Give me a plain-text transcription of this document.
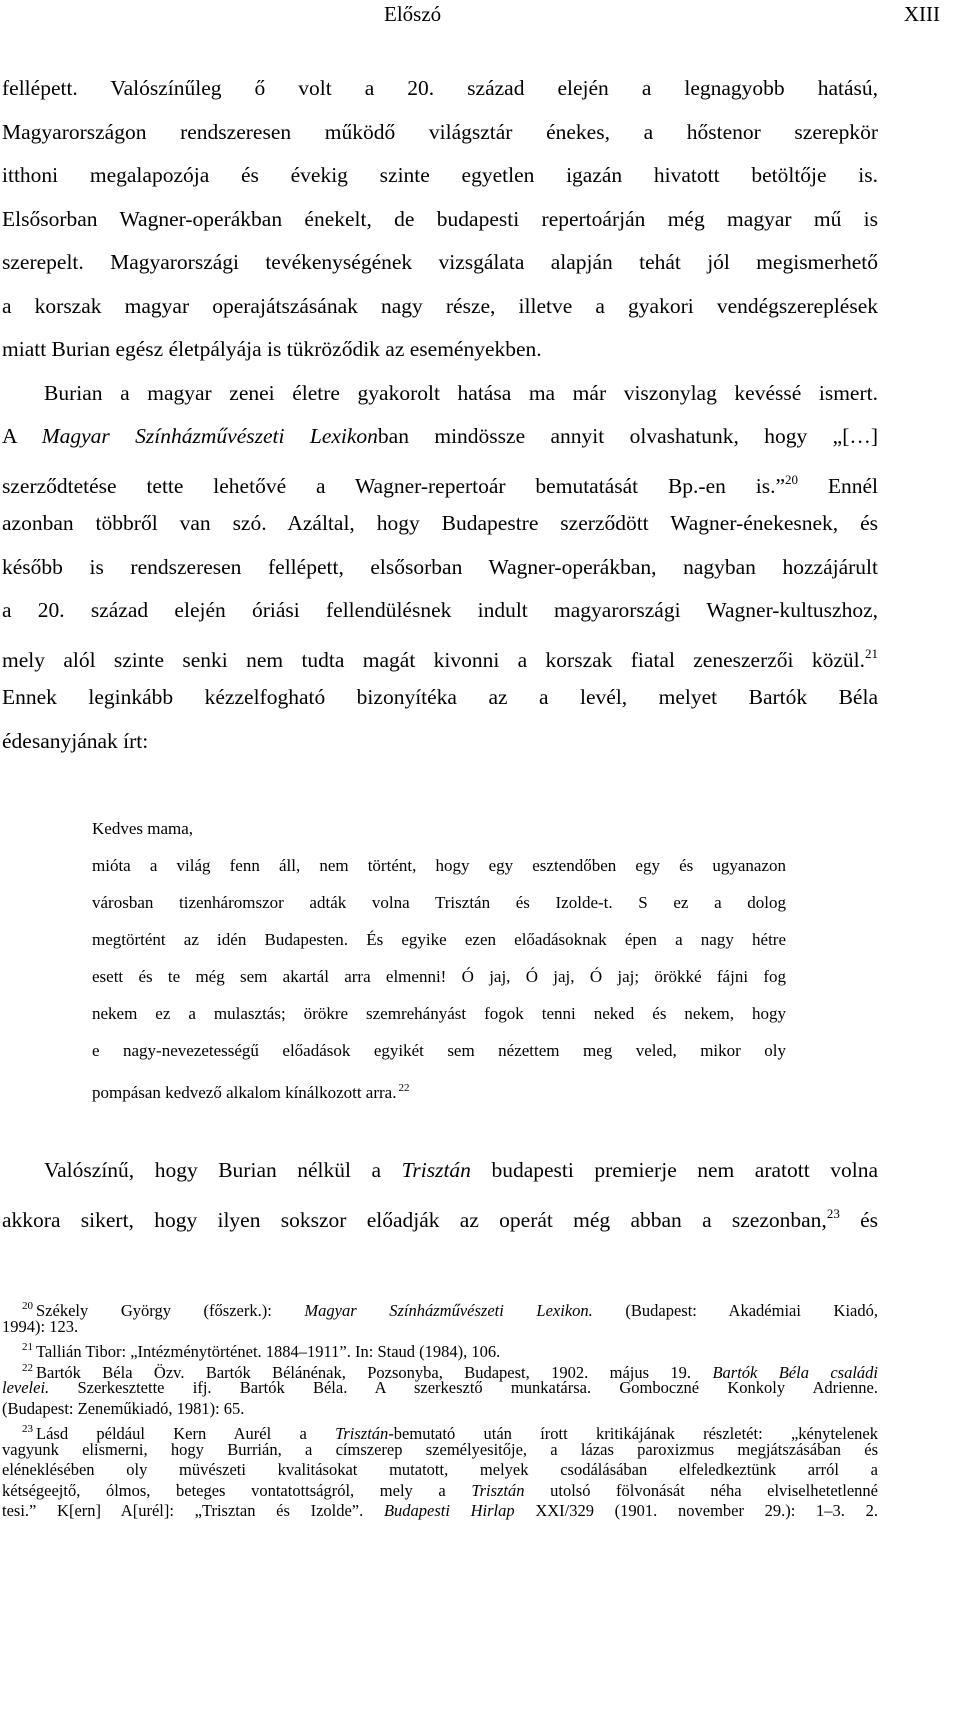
Előszó	XIII
fellépett. Valószínűleg ő volt a 20. század elején a legnagyobb hatású,
Magyarországon rendszeresen működő világsztár énekes, a hőstenor szerepkör
itthoni megalapozója és évekig szinte egyetlen igazán hivatott betöltője is.
Elsősorban Wagner-operákban énekelt, de budapesti repertoárján még magyar mű is
szerepelt. Magyarországi tevékenységének vizsgálata alapján tehát jól megismerhető
a korszak magyar operajátszásának nagy része, illetve a gyakori vendégszereplések
miatt Burian egész életpályája is tükröződik az eseményekben.
Burian a magyar zenei életre gyakorolt hatása ma már viszonylag kevéssé ismert.
A Magyar Színházművészeti Lexikonban mindössze annyit olvashatunk, hogy „[…]
szerződtetése tette lehetővé a Wagner-repertoár bemutatását Bp.-en is.”$^{20}$ Ennél
azonban többről van szó. Azáltal, hogy Budapestre szerződött Wagner-énekesnek, és
később is rendszeresen fellépett, elsősorban Wagner-operákban, nagyban hozzájárult
a 20. század elején óriási fellendülésnek indult magyarországi Wagner-kultuszhoz,
mely alól szinte senki nem tudta magát kivonni a korszak fiatal zeneszerzői közül.$^{21}$
Ennek leginkább kézzelfogható bizonyítéka az a levél, melyet Bartók Béla
édesanyjának írt:
Kedves mama,
mióta a világ fenn áll, nem történt, hogy egy esztendőben egy és ugyanazon
városban tizenháromszor adták volna Trisztán és Izolde-t. S ez a dolog
megtörtént az idén Budapesten. És egyike ezen előadásoknak épen a nagy hétre
esett és te még sem akartál arra elmenni! Ó jaj, Ó jaj, Ó jaj; örökké fájni fog
nekem ez a mulasztás; örökre szemrehányást fogok tenni neked és nekem, hogy
e nagy-nevezetességű előadások egyikét sem nézettem meg veled, mikor oly
pompásan kedvező alkalom kínálkozott arra. $^{22}$
Valószínű, hogy Burian nélkül a Trisztán budapesti premierje nem aratott volna
akkora sikert, hogy ilyen sokszor előadják az operát még abban a szezonban,$^{23}$ és
$^{20}$ Székely György (főszerk.): Magyar Színházművészeti Lexikon. (Budapest: Akadémiai Kiadó,
1994): 123.
$^{21}$ Tallián Tibor: „Intézménytörténet. 1884–1911”. In: Staud (1984), 106.
$^{22}$ Bartók Béla Özv. Bartók Bélánénak, Pozsonyba, Budapest, 1902. május 19. Bartók Béla családi
levelei. Szerkesztette ifj. Bartók Béla. A szerkesztő munkatársa. Gomboczné Konkoly Adrienne.
(Budapest: Zeneműkiadó, 1981): 65.
$^{23}$ Lásd például Kern Aurél a Trisztán-bemutató után írott kritikájának részletét: „kénytelenek
vagyunk elismerni, hogy Burrián, a címszerep személyesitője, a lázas paroxizmus megjátszásában és
eléneklésében oly müvészeti kvalitásokat mutatott, melyek csodálásában elfeledkeztünk arról a
kétségeejtő, ólmos, beteges vontatottságról, mely a Trisztán utolsó fölvonását néha elviselhetetlenné
tesi.” K[ern] A[urél]: „Trisztan és Izolde”. Budapesti Hirlap XXI/329 (1901. november 29.): 1–3. 2.
